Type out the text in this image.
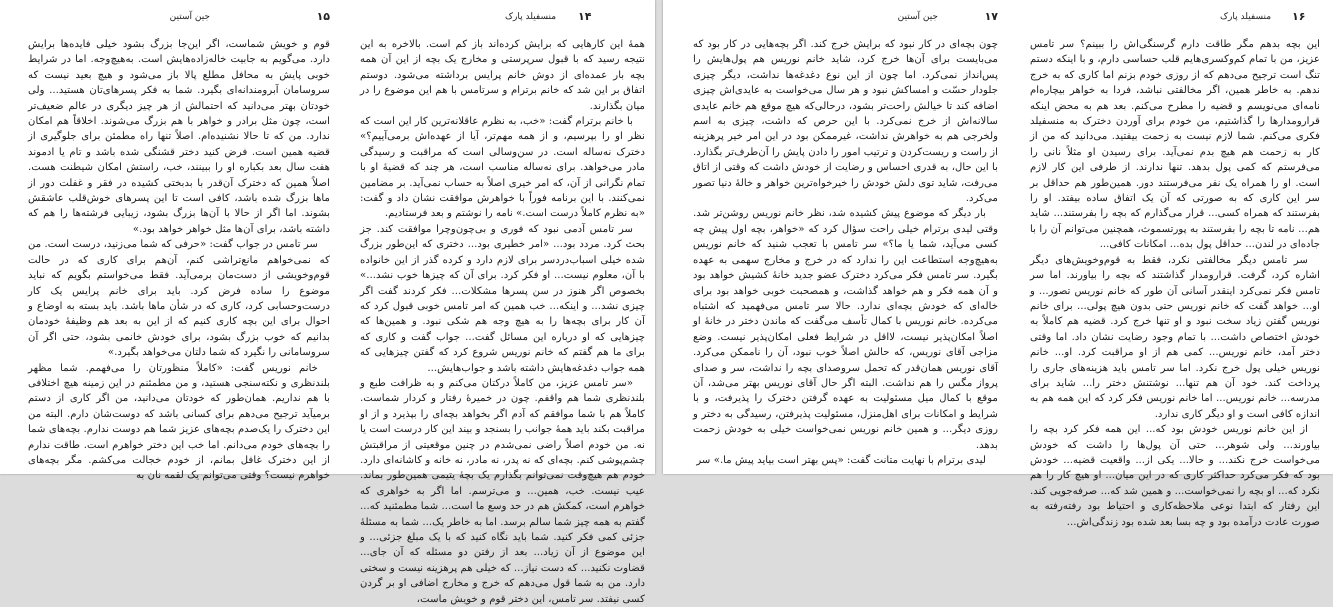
۱۵
جین آستین

قوم و خویش شماست، اگر این‌جا بزرگ بشود خیلی فایده‌ها برایش دارد. می‌گویم به جابیت خاله‌زاده‌هایش است. به‌هیچ‌وجه. اما در شرایط خوبی پایش به محافل مطلع پالا باز می‌شود و هیچ بعید نیست که سروسامان آبرومندانه‌ای بگیرد. شما به فکر پسرهای‌تان هستید... ولی خودتان بهتر می‌دانید که احتمالش از هر چیز دیگری در عالم ضعیف‌تر است، چون مثل برادر و خواهر با هم بزرگ می‌شوند. اخلاقاً هم امکان ندارد. من که تا حالا نشنیده‌ام. اصلاً تنها راه مطمئن برای جلوگیری از قضیه همین است. فرض کنید دختر قشنگی شده باشد و تام یا ادموند هفت سال بعد بکباره او را ببینند، خب، راستش امکان شیطنت هست. اصلاً همین که دخترک آن‌قدر با بدبختی کشیده در فقر و غفلت دور از ماها بزرگ شده باشد، کافی است تا این پسرهای خوش‌قلب عاشقش بشوند. اما اگر از حالا با آن‌ها بزرگ بشود، زیبایی فرشته‌ها را هم که داشته باشد، برای آن‌ها مثل خواهر خواهد بود.»

سر تامس در جواب گفت: «حرفی که شما می‌زنید، درست است. من که نمی‌خواهم مانع‌تراشی کنم، آن‌هم برای کاری که در حالت قوم‌وخویشی از دست‌مان برمی‌آید. فقط می‌خواستم بگویم که نباید موضوع را ساده فرض کرد. باید برای خانم پرایس یک کار درست‌وحسابی کرد، کاری که در شأن ماها باشد. باید بسته به اوضاع و احوال برای این بچه کاری کنیم که از این به بعد هم وظیفهٔ خودمان بدانیم که خوب بزرگ بشود، برای خودش خانمی بشود، حتی اگر آن سروسامانی را نگیرد که شما دلتان می‌خواهد بگیرد.»

خانم نوریس گفت: «کاملاً منظورتان را می‌فهمم. شما مظهر بلندنظری و نکته‌سنجی هستید، و من مطمئنم در این زمینه هیچ اختلافی با هم نداریم. همان‌طور که خودتان می‌دانید، من اگر کاری از دستم برمیآید ترجیح می‌دهم برای کسانی باشد که دوست‌شان دارم. البته من این دخترک را یک‌صدم بچه‌های عزیز شما هم دوست ندارم. بچه‌های شما را بچه‌های خودم می‌دانم. اما خب این دختر خواهرم است. طاقت ندارم از این دخترک غافل بمانم، از خودم خجالت می‌کشم. مگر بچه‌های خواهرم نیست؟ وقتی می‌توانم یک لقمه نان به

۱۴
منسفیلد پارک

همهٔ این کارهایی که برایش کرده‌اند باز کم است. بالاخره به این نتیجه رسید که با قبول سرپرستی و مخارج یک بچه از این آن همه بچه بار عمده‌ای از دوش خانم پرایس برداشته می‌شود. دوستم اتفاق بر این شد که خانم برترام و سرتامس با هم این موضوع را در میان بگذارند.

با خانم برترام گفت: «خب، به نظرم عاقلانه‌ترین کار این است که نظر او را بپرسیم، و از همه مهم‌تر، آیا از عهده‌اش برمی‌آییم؟» دخترک نه‌ساله است. در سن‌وسالی است که مراقبت و رسیدگی مادر می‌خواهد. برای نه‌ساله مناسب است، هر چند که قضیهٔ او با تمام نگرانی از آن، که امر خیری اصلاً به حساب نمی‌آید. بر مضامین نمی‌کنند. با این برنامه فوراً با خواهرش موافقت نشان داد و گفت: «به نظرم کاملاً درست است.» نامه را نوشتم و بعد فرستادیم.

سر تامس آدمی نبود که فوری و بی‌چون‌وچرا موافقت کند. جز بحث کرد. مردد بود... «امر خطیری بود... دختری که این‌طور بزرگ شده خیلی اسباب‌دردسر برای لازم دارد و کرده گذر از این خانواده با آن، معلوم نیست... او فکر کرد. برای آن که چیزها خوب نشد...» بخصوص اگر هنوز در سن پسرها مشکلات... فکر کردند گفت اگر چیزی نشد... و اینکه... خب همین که امر تامس خوبی قبول کرد که آن کار برای بچه‌ها را به هیچ وجه هم شکی نبود. و همین‌ها که چیزهایی که او درباره این مسائل گفت... جواب گفت و کاری که برای ما هم گفتم که خانم نوریس شروع کرد که گفتن چیزهایی که همه جواب دغدغه‌هایش داشته باشد و جواب‌هایش...

«سر تامس عزیز، من کاملاً درکتان می‌کنم و به ظرافت طبع و بلندنظری شما هم واقفم. چون در خمیرهٔ رفتار و کردار شماست. کاملاً هم با شما موافقم که آدم اگر بخواهد بچه‌ای را بپذیرد و از او مراقبت بکند باید همهٔ جوانب را بسنجد و بیند این کار درست است یا نه. من خودم اصلاً راضی نمی‌شدم در چنین موقعیتی از مراقبتش چشم‌پوشی کنم. بچه‌ای که نه پدر، نه مادر، نه خانه و کاشانه‌ای دارد. خودم هم هیچ‌وقت نمی‌توانم بگذارم یک بچهٔ یتیمی همین‌طور بماند. عیب نیست. خب، همین... و می‌ترسم. اما اگر به خواهری که خواهرم است، کمکش هم در حد وسع ما است... شما مطمئنید که... گفتم به همه چیز شما سالم برسد. اما به خاطر یک... شما به مسئلهٔ جزئی کمی فکر کنید. شما باید نگاه کنید که با یک مبلغ جزئی... و این موضوع از آن زیاد... بعد از رفتن دو مسئله که آن جای... قضاوت نکنید... که دست نیاز... که خیلی هم پرهزینه نیست و سختی دارد. من به شما قول می‌دهم که خرج و مخارج اضافی او بر گردن کسی نیفتد. سر تامس، این دختر قوم و خویش ماست،

۱۷
جین آستین

چون بچه‌ای در کار نبود که برایش خرج کند. اگر بچه‌هایی در کار بود که می‌بایست برای آن‌ها خرج کرد، شاید خانم نوریس هم پول‌هایش را پس‌انداز نمی‌کرد. اما چون از این نوع دغدغه‌ها نداشت، دیگر چیزی جلودار حسّت و امساکش نبود و هر سال می‌خواست به عایدی‌اش چیزی اضافه کند تا خیالش راحت‌تر بشود، درحالی‌که هیچ موقع هم خانم عایدی سالانه‌اش از خرج نمی‌کرد. با این حرص که داشت، چیزی به اسم ولخرجی هم به خواهرش نداشت، غیرممکن بود در این امر خیر پرهزینه از راست و ریست‌کردن و ترتیب امور را دادن پایش را آن‌طرف‌تر بگذارد. با این حال، به قدری احساس و رضایت از خودش داشت که وقتی از اتاق می‌رفت، شاید توی دلش خودش را خیرخواه‌ترین خواهر و خالهٔ دنیا تصور می‌کرد.

بار دیگر که موضوع پیش کشیده شد، نظر خانم نوریس روشن‌تر شد. وقتی لیدی برترام خیلی راحت سؤال کرد که «خواهر، بچه اول پیش چه کسی می‌آید، شما یا ما؟» سر تامس با تعجب شنید که خانم نوریس به‌هیچ‌وجه استطاعت این را ندارد که در خرج و مخارج سهمی به عهده بگیرد. سر تامس فکر می‌کرد دخترک عضو جدید خانهٔ کشیش خواهد بود و آن همه فکر و هم خواهد گذاشت، و همصحبت خوبی خواهد بود برای خاله‌ای که خودش بچه‌ای ندارد. حالا سر تامس می‌فهمید که اشتباه می‌کرده. خانم نوریس با کمال تأسف می‌گفت که ماندن دختر در خانهٔ او اصلاً امکان‌پذیر نیست، لااقل در شرایط فعلی امکان‌پذیر نیست. وضع مزاجی آقای نوریس، که حالش اصلاً خوب نبود، آن را ناممکن می‌کرد. آقای نوریس همان‌قدر که تحمل سروصدای بچه را نداشت، سر و صدای پرواز مگس را هم نداشت. البته اگر حال آقای نوریس بهتر می‌شد، آن موقع با کمال میل مسئولیت به عهده گرفتن دخترک را پذیرفت، و با شرایط و امکانات برای اهل‌منزل، مسئولیت پذیرفتن، رسیدگی به دختر و روزی دیگر... و همین خانم نوریس نمی‌خواست خیلی به خودش زحمت بدهد.

لیدی برترام با نهایت متانت گفت: «پس بهتر است بیاید پیش ما.» سر

۱۶
منسفیلد پارک

این بچه بدهم مگر طاقت دارم گرسنگی‌اش را ببینم؟ سر تامس عزیز، من با تمام کم‌وکسری‌هایم قلب حساسی دارم، و با اینکه دستم تنگ است ترجیح می‌دهم که از روزی خودم بزنم اما کاری که به خرج ندهم. به خاطر همین، اگر مخالفتی نباشد، فردا به خواهر بیچاره‌ام نامه‌ای می‌نویسم و قضیه را مطرح می‌کنم. بعد هم به محض اینکه قرارومدارها را گذاشتیم، من خودم برای آوردن دخترک به منسفیلد فکری می‌کنم. شما لازم نیست به زحمت بیفتید. می‌دانید که من از کار به زحمت هم هیچ بدم نمی‌آید. برای رسیدن او مثلاً نانی را می‌فرستم که کمی پول بدهد. تنها ندارند. از طرفی این کار لازم است. او را همراه یک نفر می‌فرستند دور. همین‌طور هم حداقل بر سر این کاری که به صورتی که آن یک اتفاق ساده بیفتد. او را بفرستند که همراه کسی... قرار می‌گذارم که بچه را بفرستند... شاید هم... نامه تا بچه را بفرستند به پورتسموث، همچنین می‌توانم آن را با جاده‌ای در لندن... حداقل پول بده... امکانات کافی...

سر تامس دیگر مخالفتی نکرد، فقط به قوم‌وخویش‌های دیگر اشاره کرد، گرفت. قرارومدار گذاشتند که بچه را بیاورند. اما سر تامس فکر نمی‌کرد اینقدر آسانی آن طور که خانم نوریس تصور... و او... خواهد گفت که خانم نوریس حتی بدون هیچ پولی... برای خانم نوریس گفتن زیاد سخت نبود و او تنها خرج کرد. قضیه هم کاملاً به خودش اختصاص داشت... با تمام وجود رضایت نشان داد. اما وقتی دختر آمد، خانم نوریس... کمی هم از او مراقبت کرد. او... خانم نوریس خیلی پول خرج نکرد. اما سر تامس باید هزینه‌های جاری را پرداخت کند. خود آن هم تنها... نوشتنش دختر را... شاید برای مدرسه... خانم نوریس... اما خانم نوریس فکر کرد که این همه هم به اندازه کافی است و او دیگر کاری ندارد.

از این خانم نوریس خودش بود که... این همه فکر کرد بچه را بیاورند... ولی شوهر... حتی آن پول‌ها را داشت که خودش می‌خواست خرج نکند... و حالا... یکی از... واقعیت قضیه... خودش بود که فکر می‌کرد حداکثر کاری که در این میان... او هیچ کار را هم نکرد که... او بچه را نمی‌خواست... و همین شد که... صرفه‌جویی کند. این رفتار که ابتدا نوعی ملاحظه‌کاری و احتیاط بود رفته‌رفته به صورت عادت درآمده بود و چه بسا بعد شده بود زندگی‌اش...
